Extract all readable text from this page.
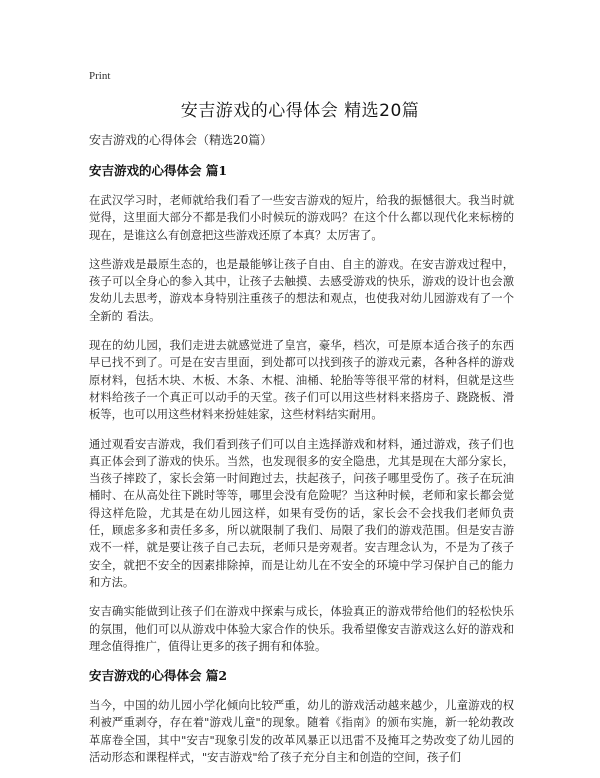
Print
安吉游戏的心得体会 精选20篇

安吉游戏的心得体会（精选20篇）

安吉游戏的心得体会 篇1

在武汉学习时，老师就给我们看了一些安吉游戏的短片，给我的振憾很大。我当时就觉得，这里面大部分不都是我们小时候玩的游戏吗？在这个什么都以现代化来标榜的现在，是谁这么有创意把这些游戏还原了本真？太厉害了。

这些游戏是最原生态的，也是最能够让孩子自由、自主的游戏。在安吉游戏过程中，孩子可以全身心的参入其中，让孩子去触摸、去感受游戏的快乐，游戏的设计也会激发幼儿去思考，游戏本身特别注重孩子的想法和观点，也使我对幼儿园游戏有了一个全新的 看法。

现在的幼儿园，我们走进去就感觉进了皇宫，豪华，档次，可是原本适合孩子的东西早已找不到了。可是在安吉里面，到处都可以找到孩子的游戏元素，各种各样的游戏原材料，包括木块、木板、木条、木棍、油桶、轮胎等等很平常的材料，但就是这些材料给孩子一个真正可以动手的天堂。孩子们可以用这些材料来搭房子、跷跷板、滑板等，也可以用这些材料来扮娃娃家，这些材料结实耐用。

通过观看安吉游戏，我们看到孩子们可以自主选择游戏和材料，通过游戏，孩子们也真正体会到了游戏的快乐。当然，也发现很多的安全隐患，尤其是现在大部分家长，当孩子摔跤了，家长会第一时间跑过去，扶起孩子，问孩子哪里受伤了。孩子在玩油桶时、在从高处往下跳时等等，哪里会没有危险呢？当这种时候，老师和家长都会觉得这样危险，尤其是在幼儿园这样，如果有受伤的话，家长会不会找我们老师负责任，顾虑多多和责任多多，所以就限制了我们、局限了我们的游戏范围。但是安吉游戏不一样，就是要让孩子自己去玩，老师只是旁观者。安吉理念认为，不是为了孩子安全，就把不安全的因素排除掉，而是让幼儿在不安全的环境中学习保护自己的能力和方法。

安吉确实能做到让孩子们在游戏中探索与成长，体验真正的游戏带给他们的轻松快乐的氛围，他们可以从游戏中体验大家合作的快乐。我希望像安吉游戏这么好的游戏和理念值得推广，值得让更多的孩子拥有和体验。

安吉游戏的心得体会 篇2

当今，中国的幼儿园小学化倾向比较严重，幼儿的游戏活动越来越少，儿童游戏的权利被严重剥夺，存在着"游戏儿童"的现象。随着《指南》的颁布实施，新一轮幼教改革席卷全国，其中"安吉"现象引发的改革风暴正以迅雷不及掩耳之势改变了幼儿园的活动形态和课程样式，"安吉游戏"给了孩子充分自主和创造的空间，孩子们
